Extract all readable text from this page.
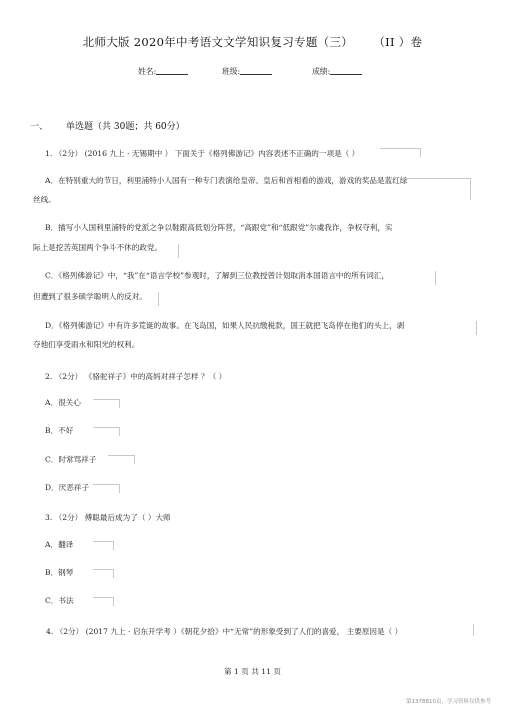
北师大版 2020年中考语文文学知识复习专题（三） （II ）卷
姓名:	班级:	成绩:
一、 单选题（共 30题；共 60分）
1. （2分） (2016 九上 · 无锡期中 ） 下面关于《格列佛游记》内容表述不正确的一项是（ ）
A．在特别重大的节日，利里浦特小人国有一种专门表演给皇帝、皇后和首相看的游戏，游戏的奖品是蓝红绿
丝线。
B．描写小人国利里浦特的党派之争以鞋跟高低划分阵营，“高跟党”和“低跟党”尔虞我诈，争权夺利，实
际上是挖苦英国两个争斗不休的政党。
C．《格列佛游记》中，“我”在“语言学校”参观时，了解到三位教授曾计划取消本国语言中的所有词汇，
但遭到了很多硕学聪明人的反对。
D．《格列佛游记》中有许多荒诞的故事。在飞岛国，如果人民抗缴税款，国王就把飞岛停在他们的头上，剥
夺他们享受雨水和阳光的权利。
2. （2分） 《骆驼祥子》中的高妈对祥子怎样 ？（ ）
A．很关心
B．不好
C．时常骂祥子
D．厌恶祥子
3. （2分） 傅聪最后成为了（ ）大师
A．翻译
B．钢琴
C．书法
4. （2分） (2017 九上 · 启东开学考 ）《朝花夕拾》中“无常”的形象受到了人们的喜爱， 主要原因是（ ）
第 1 页 共 11 页
第1378810页，学习资料仅供参考
